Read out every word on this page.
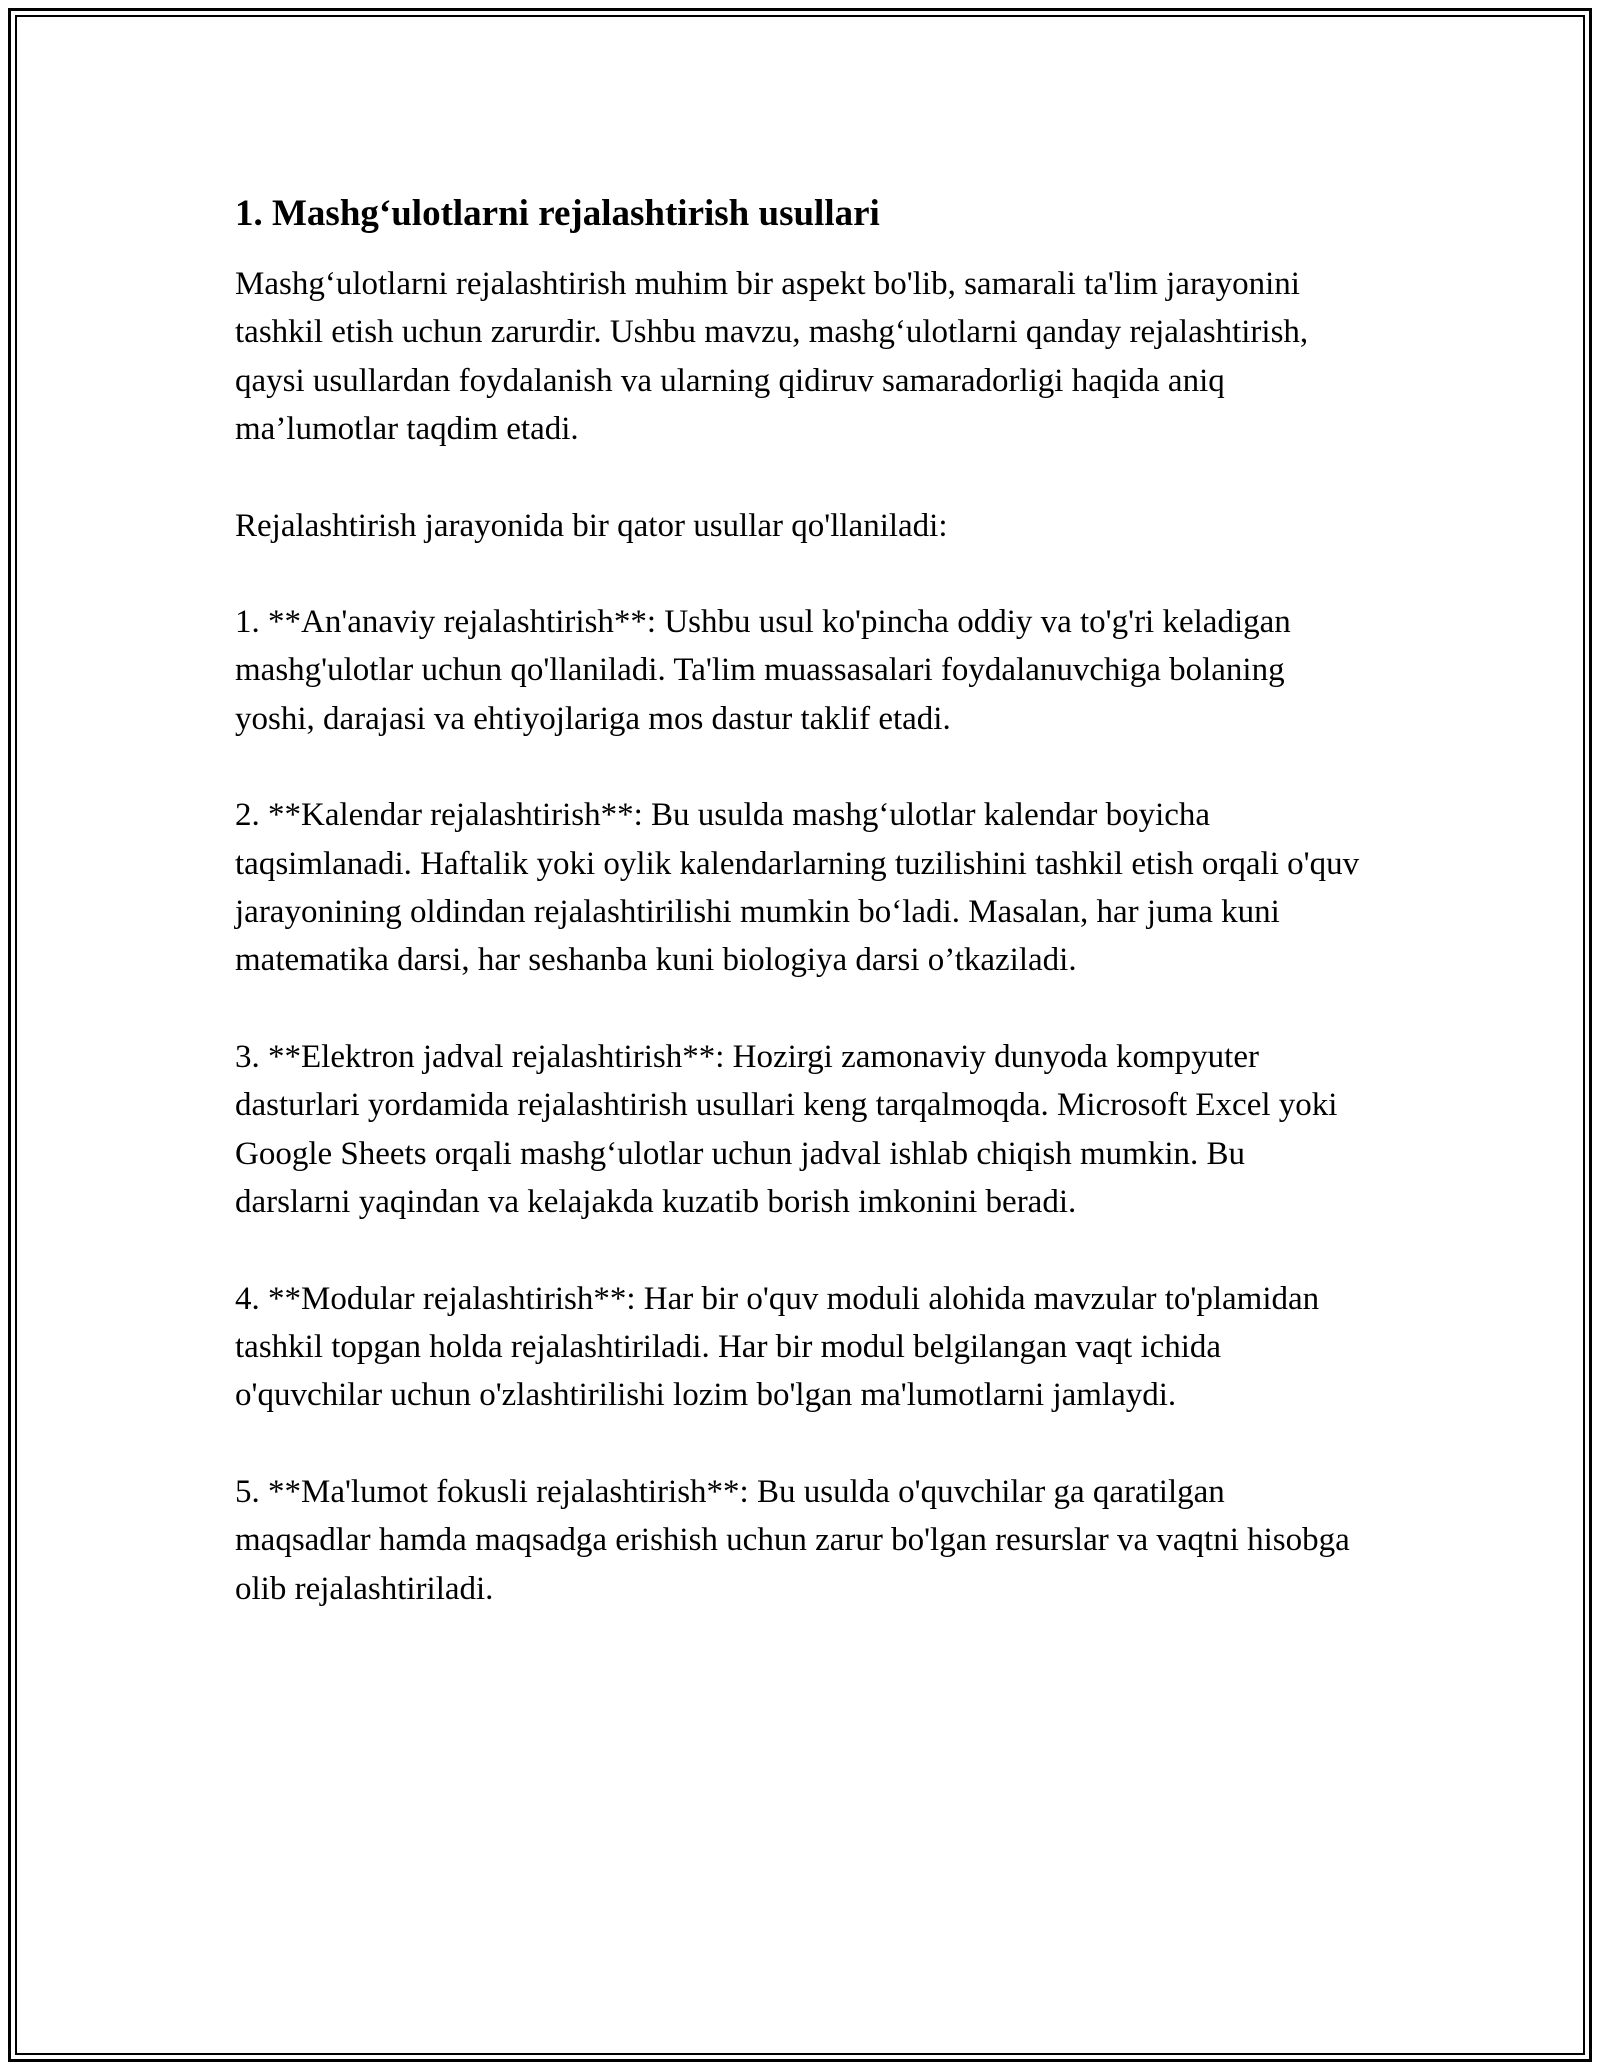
1. Mashg‘ulotlarni rejalashtirish usullari

Mashg‘ulotlarni rejalashtirish muhim bir aspekt bo'lib, samarali ta'lim jarayonini tashkil etish uchun zarurdir. Ushbu mavzu, mashg‘ulotlarni qanday rejalashtirish, qaysi usullardan foydalanish va ularning qidiruv samaradorligi haqida aniq ma’lumotlar taqdim etadi.

Rejalashtirish jarayonida bir qator usullar qo'llaniladi:

1. **An'anaviy rejalashtirish**: Ushbu usul ko'pincha oddiy va to'g'ri keladigan mashg'ulotlar uchun qo'llaniladi. Ta'lim muassasalari foydalanuvchiga bolaning yoshi, darajasi va ehtiyojlariga mos dastur taklif etadi.

2. **Kalendar rejalashtirish**: Bu usulda mashg‘ulotlar kalendar boyicha taqsimlanadi. Haftalik yoki oylik kalendarlarning tuzilishini tashkil etish orqali o'quv jarayonining oldindan rejalashtirilishi mumkin bo‘ladi. Masalan, har juma kuni matematika darsi, har seshanba kuni biologiya darsi o’tkaziladi.

3. **Elektron jadval rejalashtirish**: Hozirgi zamonaviy dunyoda kompyuter dasturlari yordamida rejalashtirish usullari keng tarqalmoqda. Microsoft Excel yoki Google Sheets orqali mashg‘ulotlar uchun jadval ishlab chiqish mumkin. Bu darslarni yaqindan va kelajakda kuzatib borish imkonini beradi.

4. **Modular rejalashtirish**: Har bir o'quv moduli alohida mavzular to'plamidan tashkil topgan holda rejalashtiriladi. Har bir modul belgilangan vaqt ichida o'quvchilar uchun o'zlashtirilishi lozim bo'lgan ma'lumotlarni jamlaydi.

5. **Ma'lumot fokusli rejalashtirish**: Bu usulda o'quvchilar ga qaratilgan maqsadlar hamda maqsadga erishish uchun zarur bo'lgan resurslar va vaqtni hisobga olib rejalashtiriladi.
